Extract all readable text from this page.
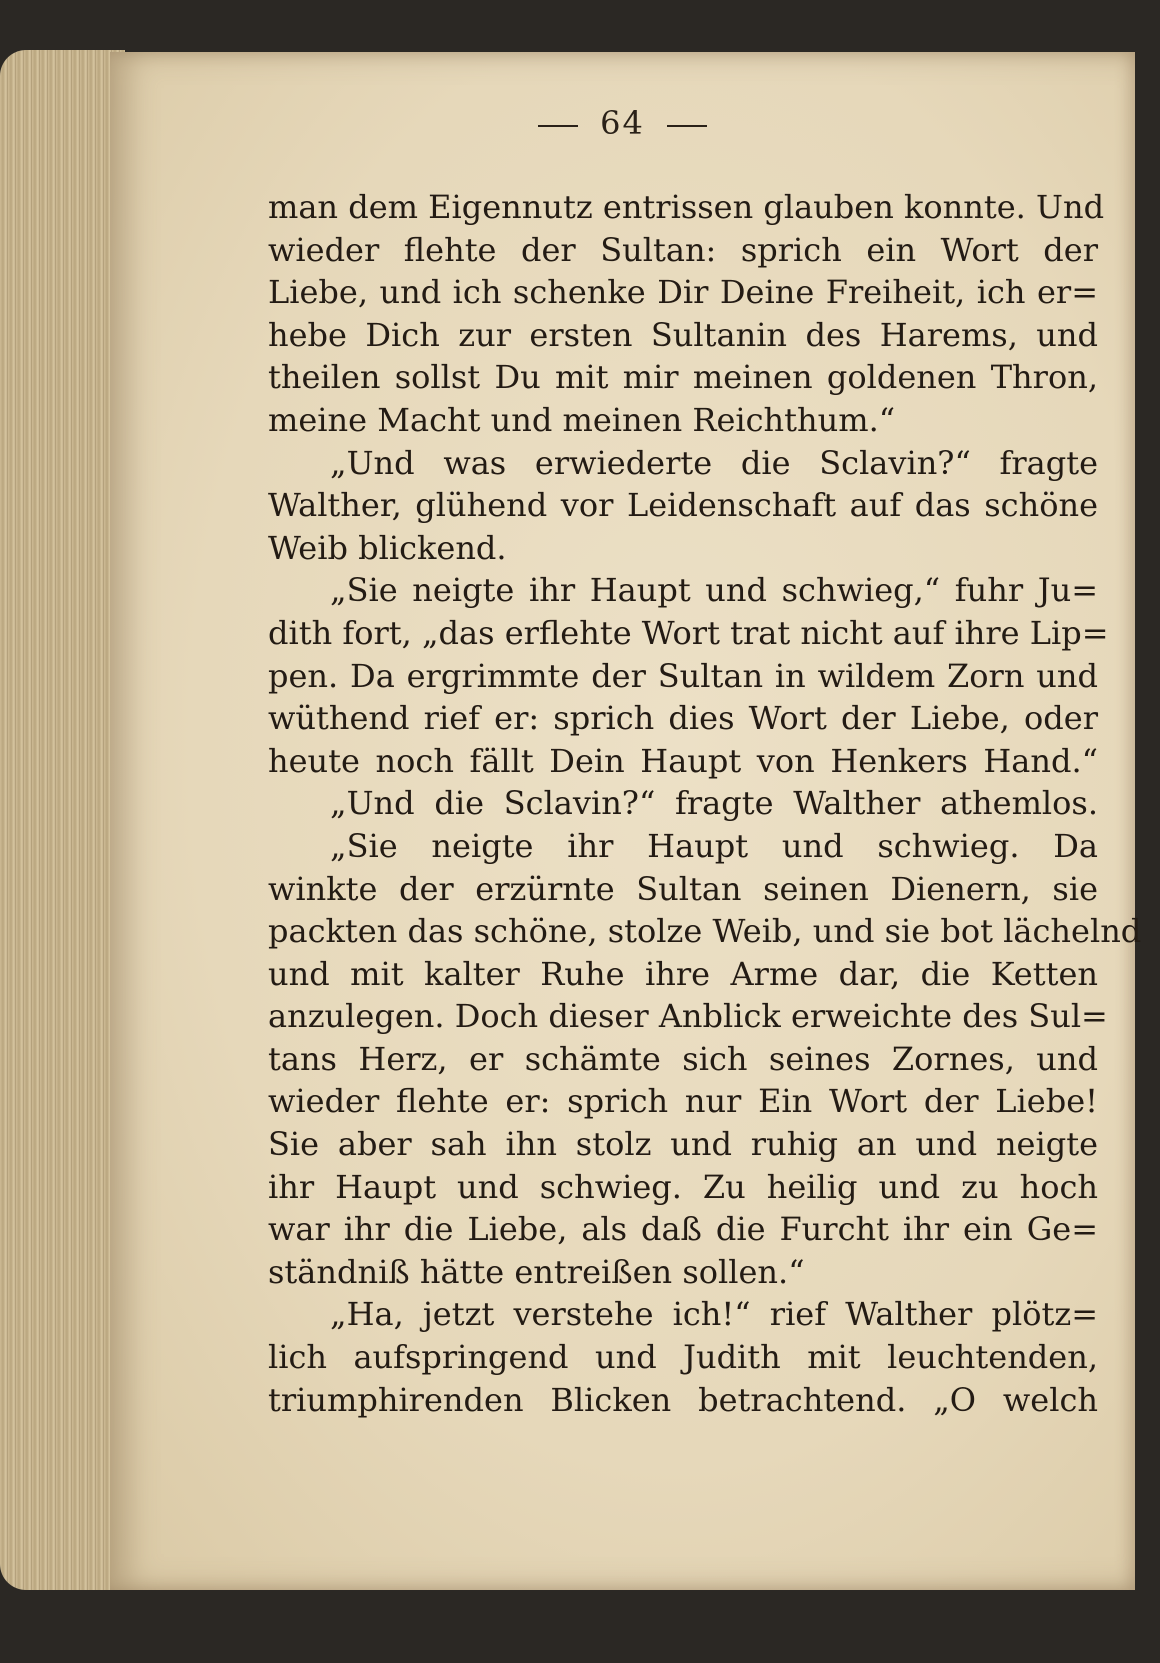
64
man dem Eigennutz entrissen glauben konnte. Und
wieder flehte der Sultan: sprich ein Wort der
Liebe, und ich schenke Dir Deine Freiheit, ich er=
hebe Dich zur ersten Sultanin des Harems, und
theilen sollst Du mit mir meinen goldenen Thron,
meine Macht und meinen Reichthum.“
„Und was erwiederte die Sclavin?“ fragte
Walther, glühend vor Leidenschaft auf das schöne
Weib blickend.
„Sie neigte ihr Haupt und schwieg,“ fuhr Ju=
dith fort, „das erflehte Wort trat nicht auf ihre Lip=
pen. Da ergrimmte der Sultan in wildem Zorn und
wüthend rief er: sprich dies Wort der Liebe, oder
heute noch fällt Dein Haupt von Henkers Hand.“
„Und die Sclavin?“ fragte Walther athemlos.
„Sie neigte ihr Haupt und schwieg. Da
winkte der erzürnte Sultan seinen Dienern, sie
packten das schöne, stolze Weib, und sie bot lächelnd
und mit kalter Ruhe ihre Arme dar, die Ketten
anzulegen. Doch dieser Anblick erweichte des Sul=
tans Herz, er schämte sich seines Zornes, und
wieder flehte er: sprich nur Ein Wort der Liebe!
Sie aber sah ihn stolz und ruhig an und neigte
ihr Haupt und schwieg. Zu heilig und zu hoch
war ihr die Liebe, als daß die Furcht ihr ein Ge=
ständniß hätte entreißen sollen.“
„Ha, jetzt verstehe ich!“ rief Walther plötz=
lich aufspringend und Judith mit leuchtenden,
triumphirenden Blicken betrachtend. „O welch
